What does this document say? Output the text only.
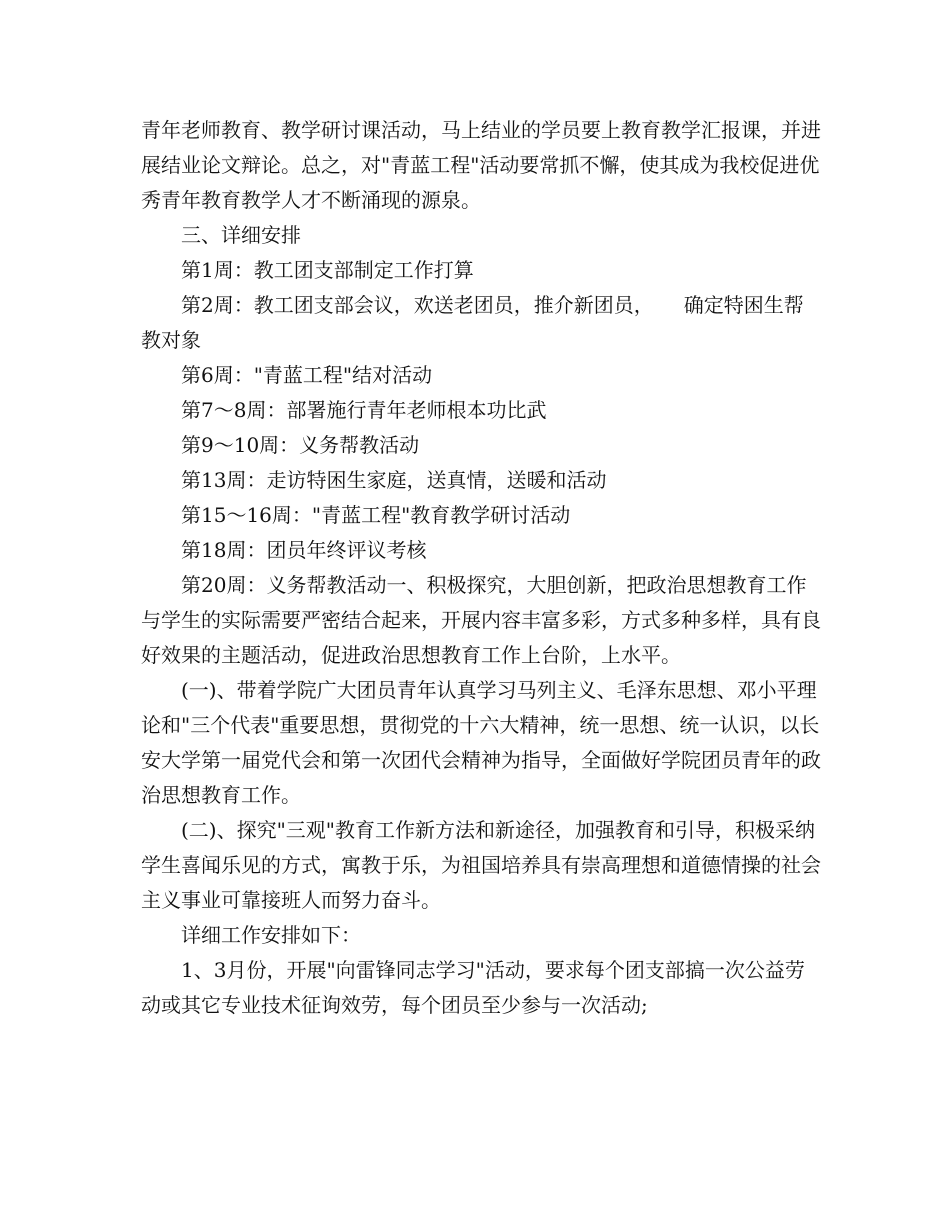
青年老师教育、教学研讨课活动，马上结业的学员要上教育教学汇报课，并进展结业论文辩论。总之，对"青蓝工程"活动要常抓不懈，使其成为我校促进优秀青年教育教学人才不断涌现的源泉。

三、详细安排

第1周：教工团支部制定工作打算

第2周：教工团支部会议，欢送老团员，推介新团员，　　确定特困生帮教对象

第6周："青蓝工程"结对活动

第7～8周：部署施行青年老师根本功比武

第9～10周：义务帮教活动

第13周：走访特困生家庭，送真情，送暖和活动

第15～16周："青蓝工程"教育教学研讨活动

第18周：团员年终评议考核

第20周：义务帮教活动一、积极探究，大胆创新，把政治思想教育工作与学生的实际需要严密结合起来，开展内容丰富多彩，方式多种多样，具有良好效果的主题活动，促进政治思想教育工作上台阶，上水平。

(一)、带着学院广大团员青年认真学习马列主义、毛泽东思想、邓小平理论和"三个代表"重要思想，贯彻党的十六大精神，统一思想、统一认识，以长安大学第一届党代会和第一次团代会精神为指导，全面做好学院团员青年的政治思想教育工作。

(二)、探究"三观"教育工作新方法和新途径，加强教育和引导，积极采纳学生喜闻乐见的方式，寓教于乐，为祖国培养具有崇高理想和道德情操的社会主义事业可靠接班人而努力奋斗。

详细工作安排如下：

1、3月份，开展"向雷锋同志学习"活动，要求每个团支部搞一次公益劳动或其它专业技术征询效劳，每个团员至少参与一次活动;
